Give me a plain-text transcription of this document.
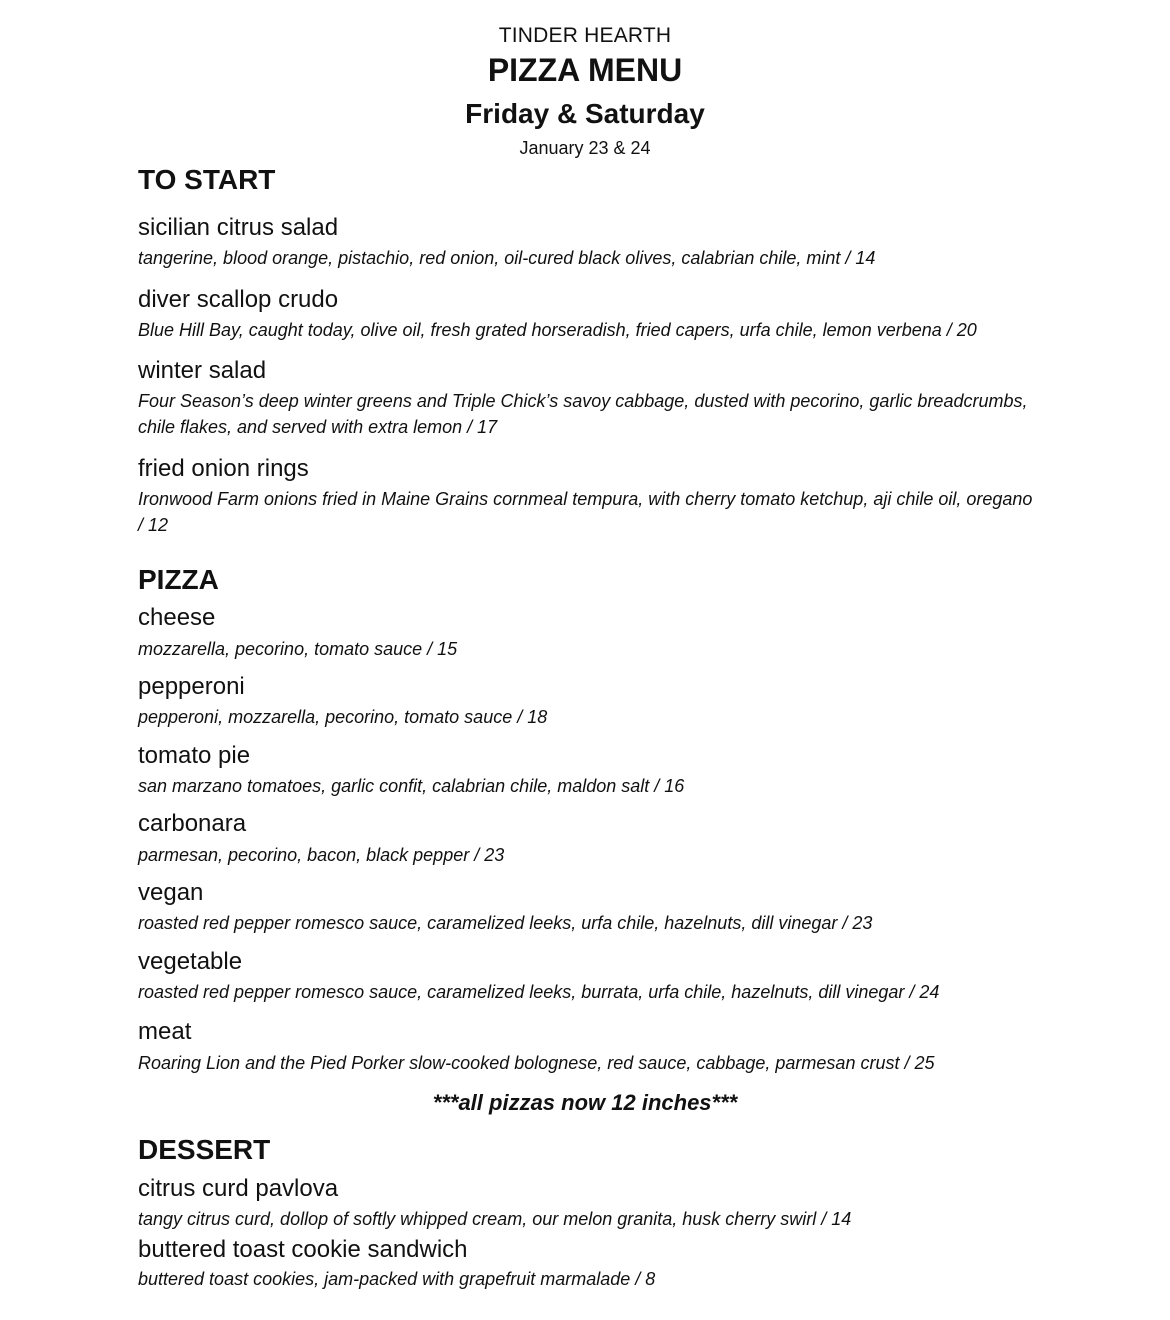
TINDER HEARTH
PIZZA MENU
Friday & Saturday
January 23 & 24
TO START
sicilian citrus salad
tangerine, blood orange, pistachio, red onion, oil-cured black olives, calabrian chile, mint / 14
diver scallop crudo
Blue Hill Bay, caught today, olive oil, fresh grated horseradish, fried capers, urfa chile, lemon verbena / 20
winter salad
Four Season’s deep winter greens and Triple Chick’s savoy cabbage, dusted with pecorino, garlic breadcrumbs, chile flakes, and served with extra lemon / 17
fried onion rings
Ironwood Farm onions fried in Maine Grains cornmeal tempura, with cherry tomato ketchup, aji chile oil, oregano / 12
PIZZA
cheese
mozzarella, pecorino, tomato sauce / 15
pepperoni
pepperoni, mozzarella, pecorino, tomato sauce / 18
tomato pie
san marzano tomatoes, garlic confit, calabrian chile, maldon salt / 16
carbonara
parmesan, pecorino, bacon, black pepper / 23
vegan
roasted red pepper romesco sauce, caramelized leeks, urfa chile, hazelnuts, dill vinegar / 23
vegetable
roasted red pepper romesco sauce, caramelized leeks, burrata, urfa chile, hazelnuts, dill vinegar / 24
meat
Roaring Lion and the Pied Porker slow-cooked bolognese, red sauce, cabbage, parmesan crust / 25
***all pizzas now 12 inches***
DESSERT
citrus curd pavlova
tangy citrus curd, dollop of softly whipped cream, our melon granita, husk cherry swirl / 14
buttered toast cookie sandwich
buttered toast cookies, jam-packed with grapefruit marmalade / 8
